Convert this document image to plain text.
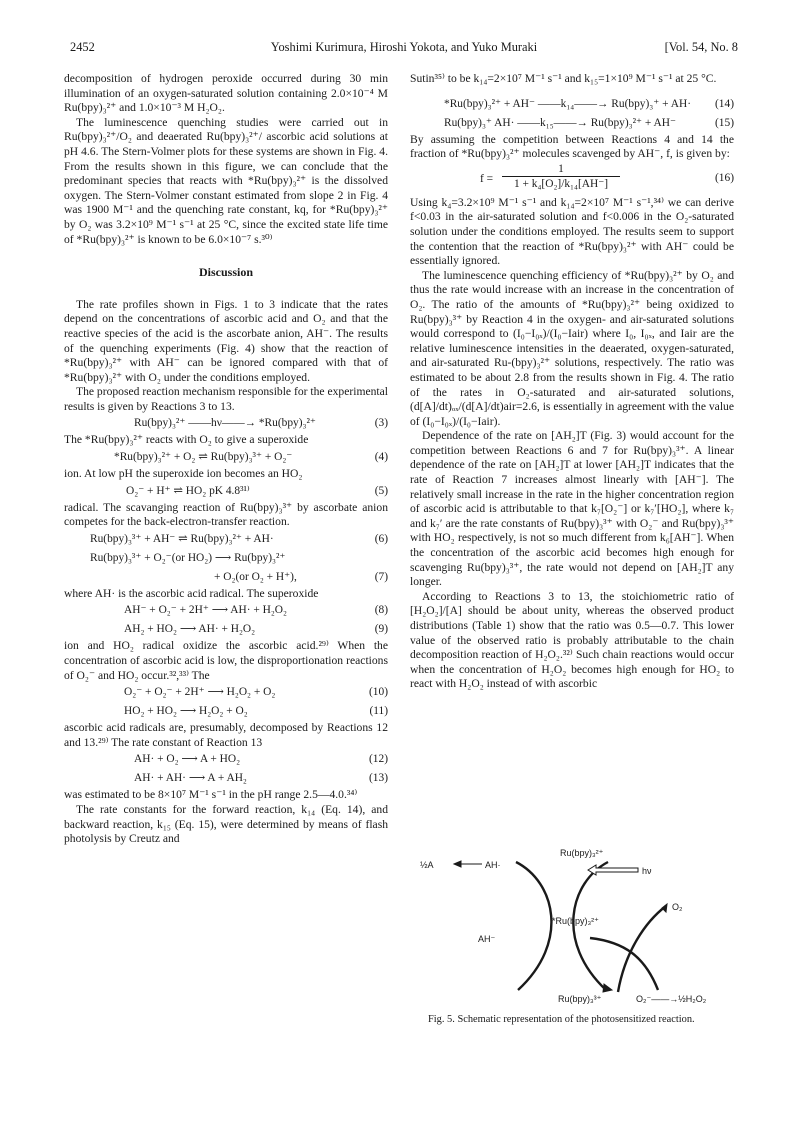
2452	Yoshimi Kurimura, Hiroshi Yokota, and Yuko Muraki	[Vol. 54, No. 8

decomposition of hydrogen peroxide occurred during 30 min illumination of an oxygen-saturated solution containing 2.0×10⁻⁴ M Ru(bpy)₃²⁺ and 1.0×10⁻³ M H₂O₂.

The luminescence quenching studies were carried out in Ru(bpy)₃²⁺/O₂ and deaerated Ru(bpy)₃²⁺/ ascorbic acid solutions at pH 4.6. The Stern-Volmer plots for these systems are shown in Fig. 4. From the results shown in this figure, we can conclude that the predominant species that reacts with *Ru(bpy)₃²⁺ is the dissolved oxygen. The Stern-Volmer constant estimated from slope 2 in Fig. 4 was 1900 M⁻¹ and the quenching rate constant, kq, for *Ru(bpy)₃²⁺ by O₂ was 3.2×10⁹ M⁻¹ s⁻¹ at 25 °C, since the excited state life time of *Ru(bpy)₃²⁺ is known to be 6.0×10⁻⁷ s.³⁰⁾

Discussion

The rate profiles shown in Figs. 1 to 3 indicate that the rates depend on the concentrations of ascorbic acid and O₂ and that the reactive species of the acid is the ascorbate anion, AH⁻. The results of the quenching experiments (Fig. 4) show that the reaction of *Ru(bpy)₃²⁺ with AH⁻ can be ignored compared with that of *Ru(bpy)₃²⁺ with O₂ under the conditions employed.

The proposed reaction mechanism responsible for the experimental results is given by Reactions 3 to 13.

Ru(bpy)₃²⁺ ——hν——→ *Ru(bpy)₃²⁺	(3)

The *Ru(bpy)₃²⁺ reacts with O₂ to give a superoxide

*Ru(bpy)₃²⁺ + O₂ ⇌ Ru(bpy)₃³⁺ + O₂⁻	(4)

ion. At low pH the superoxide ion becomes an HO₂

O₂⁻ + H⁺ ⇌ HO₂ pK 4.8³¹⁾	(5)

radical. The scavanging reaction of Ru(bpy)₃³⁺ by ascorbate anion competes for the back-electron-transfer reaction.

Ru(bpy)₃³⁺ + AH⁻ ⇌ Ru(bpy)₃²⁺ + AH·	(6)
Ru(bpy)₃³⁺ + O₂⁻(or HO₂) ⟶ Ru(bpy)₃²⁺
+ O₂(or O₂ + H⁺),	(7)

where AH· is the ascorbic acid radical. The superoxide

AH⁻ + O₂⁻ + 2H⁺ ⟶ AH· + H₂O₂	(8)
AH₂ + HO₂ ⟶ AH· + H₂O₂	(9)

ion and HO₂ radical oxidize the ascorbic acid.²⁹⁾ When the concentration of ascorbic acid is low, the disproportionation reactions of O₂⁻ and HO₂ occur.³²,³³⁾ The

O₂⁻ + O₂⁻ + 2H⁺ ⟶ H₂O₂ + O₂	(10)
HO₂ + HO₂ ⟶ H₂O₂ + O₂	(11)

ascorbic acid radicals are, presumably, decomposed by Reactions 12 and 13.²⁹⁾ The rate constant of Reaction 13

AH· + O₂ ⟶ A + HO₂	(12)
AH· + AH· ⟶ A + AH₂	(13)

was estimated to be 8×10⁷ M⁻¹ s⁻¹ in the pH range 2.5—4.0.³⁴⁾

The rate constants for the forward reaction, k₁₄ (Eq. 14), and backward reaction, k₁₅ (Eq. 15), were determined by means of flash photolysis by Creutz and

Sutin³⁵⁾ to be k₁₄=2×10⁷ M⁻¹ s⁻¹ and k₁₅=1×10⁹ M⁻¹ s⁻¹ at 25 °C.

*Ru(bpy)₃²⁺ + AH⁻ ——k₁₄——→ Ru(bpy)₃⁺ + AH· (14)
Ru(bpy)₃⁺ AH· ——k₁₅——→ Ru(bpy)₃²⁺ + AH⁻	(15)

By assuming the competition between Reactions 4 and 14 the fraction of *Ru(bpy)₃²⁺ molecules scavenged by AH⁻, f, is given by:

$f = \frac{1}{\text{1 + k₄[O₂]/k₁₄[AH⁻]}}$	(16)

Using k₄=3.2×10⁹ M⁻¹ s⁻¹ and k₁₄=2×10⁷ M⁻¹ s⁻¹,³⁴⁾ we can derive f<0.03 in the air-saturated solution and f<0.006 in the O₂-saturated solution under the conditions employed. The results seem to support the contention that the reaction of *Ru(bpy)₃²⁺ with AH⁻ could be essentially ignored.

The luminescence quenching efficiency of *Ru(bpy)₃²⁺ by O₂ and thus the rate would increase with an increase in the concentration of O₂. The ratio of the amounts of *Ru(bpy)₃²⁺ being oxidized to Ru(bpy)₃³⁺ by Reaction 4 in the oxygen- and air-saturated solutions would correspond to (I₀−I₀ₓ)/(I₀−Iair) where I₀, I₀ₓ, and Iair are the relative luminescence intensities in the deaerated, oxygen-saturated, and air-saturated Ru-(bpy)₃²⁺ solutions, respectively. The ratio was estimated to be about 2.8 from the results shown in Fig. 4. The ratio of the rates in O₂-saturated and air-saturated solutions, (d[A]/dt)ₒₓ/(d[A]/dt)air=2.6, is essentially in agreement with the value of (I₀−I₀ₓ)/(I₀−Iair).

Dependence of the rate on [AH₂]T (Fig. 3) would account for the competition between Reactions 6 and 7 for Ru(bpy)₃³⁺. A linear dependence of the rate on [AH₂]T at lower [AH₂]T indicates that the rate of Reaction 7 increases almost linearly with [AH⁻]. The relatively small increase in the rate in the higher concentration region of ascorbic acid is attributable to that k₇[O₂⁻] or k₇′[HO₂], where k₇ and k₇′ are the rate constants of Ru(bpy)₃³⁺ with O₂⁻ and Ru(bpy)₃³⁺ with HO₂ respectively, is not so much different from k₆[AH⁻]. When the concentration of the ascorbic acid becomes high enough for scavenging Ru(bpy)₃³⁺, the rate would not depend on [AH₂]T any longer.

According to Reactions 3 to 13, the stoichiometric ratio of [H₂O₂]/[A] should be about unity, whereas the observed product distributions (Table 1) show that the ratio was 0.5—0.7. This lower value of the observed ratio is probably attributable to the chain decomposition reaction of H₂O₂.³²⁾ Such chain reactions would occur when the concentration of H₂O₂ becomes high enough for HO₂ to react with H₂O₂ instead of with ascorbic

½A	AH·
Ru(bpy)₃²⁺
hν
*Ru(bpy)₃²⁺
O₂
AH⁻
Ru(bpy)₃³⁺	O₂⁻——→½H₂O₂
Fig. 5. Schematic representation of the photosensitized reaction.
